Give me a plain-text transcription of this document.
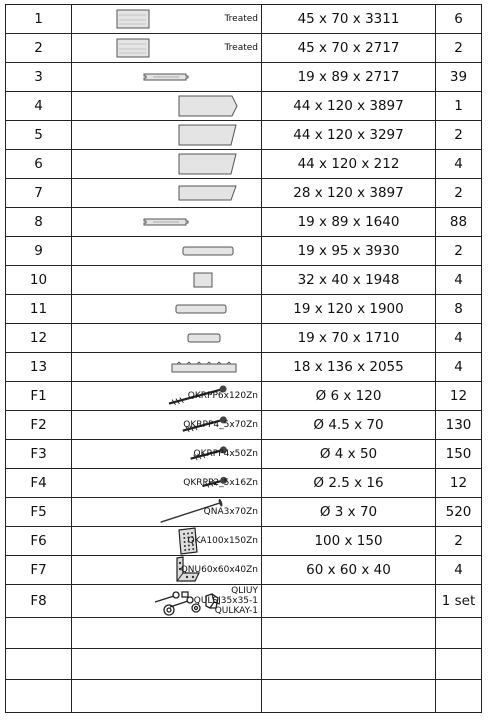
1	Treated	45 x 70 x 3311	6
2	Treated	45 x 70 x 2717	2
3		19 x 89 x 2717	39
4		44 x 120 x 3897	1
5		44 x 120 x 3297	2
6		44 x 120 x 212	4
7		28 x 120 x 3897	2
8		19 x 89 x 1640	88
9		19 x 95 x 3930	2
10		32 x 40 x 1948	4
11		19 x 120 x 1900	8
12		19 x 70 x 1710	4
13		18 x 136 x 2055	4
F1	QKRPP6x120Zn	Ø 6 x 120	12
F2	QKRPP4_5x70Zn	Ø 4.5 x 70	130
F3	QKRPP4x50Zn	Ø 4 x 50	150
F4	QKRPP2_5x16Zn	Ø 2.5 x 16	12
F5	QNA3x70Zn	Ø 3 x 70	520
F6	QKA100x150Zn	100 x 150	2
F7	QNU60x60x40Zn	60 x 60 x 40	4
F8	QLIUY
QULSI35x35-1
QULKAY-1		1 set
